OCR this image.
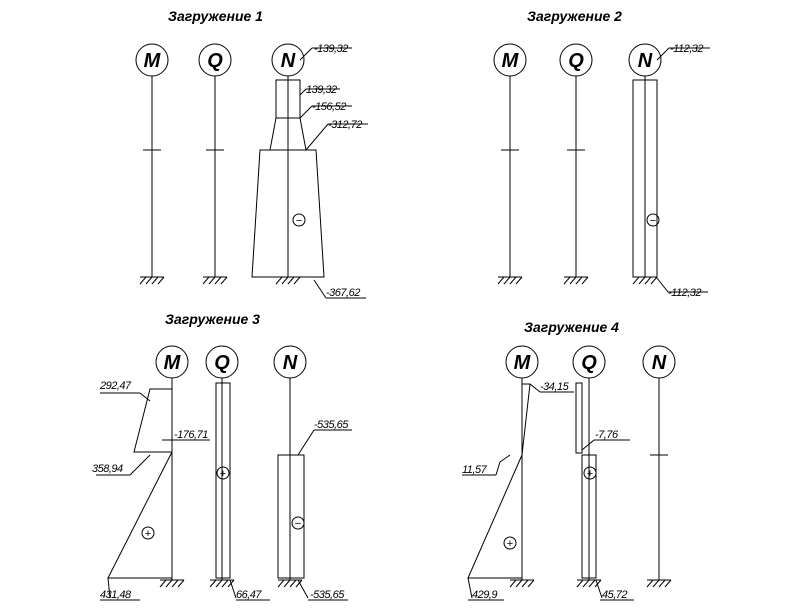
Загружение 1
M Q	N
−
-139,32
139,32
-156,52
-312,72
-367,62
Загружение 2
M Q	N
−
-112,32
-112,32
Загружение 3
M
+
292,47
-176,71
358,94
431,48
Q
+
66,47
N
−
-535,65
-535,65
Загружение 4
M
+
-34,15
11,57
429,9
Q
+
-7,76
45,72
N
